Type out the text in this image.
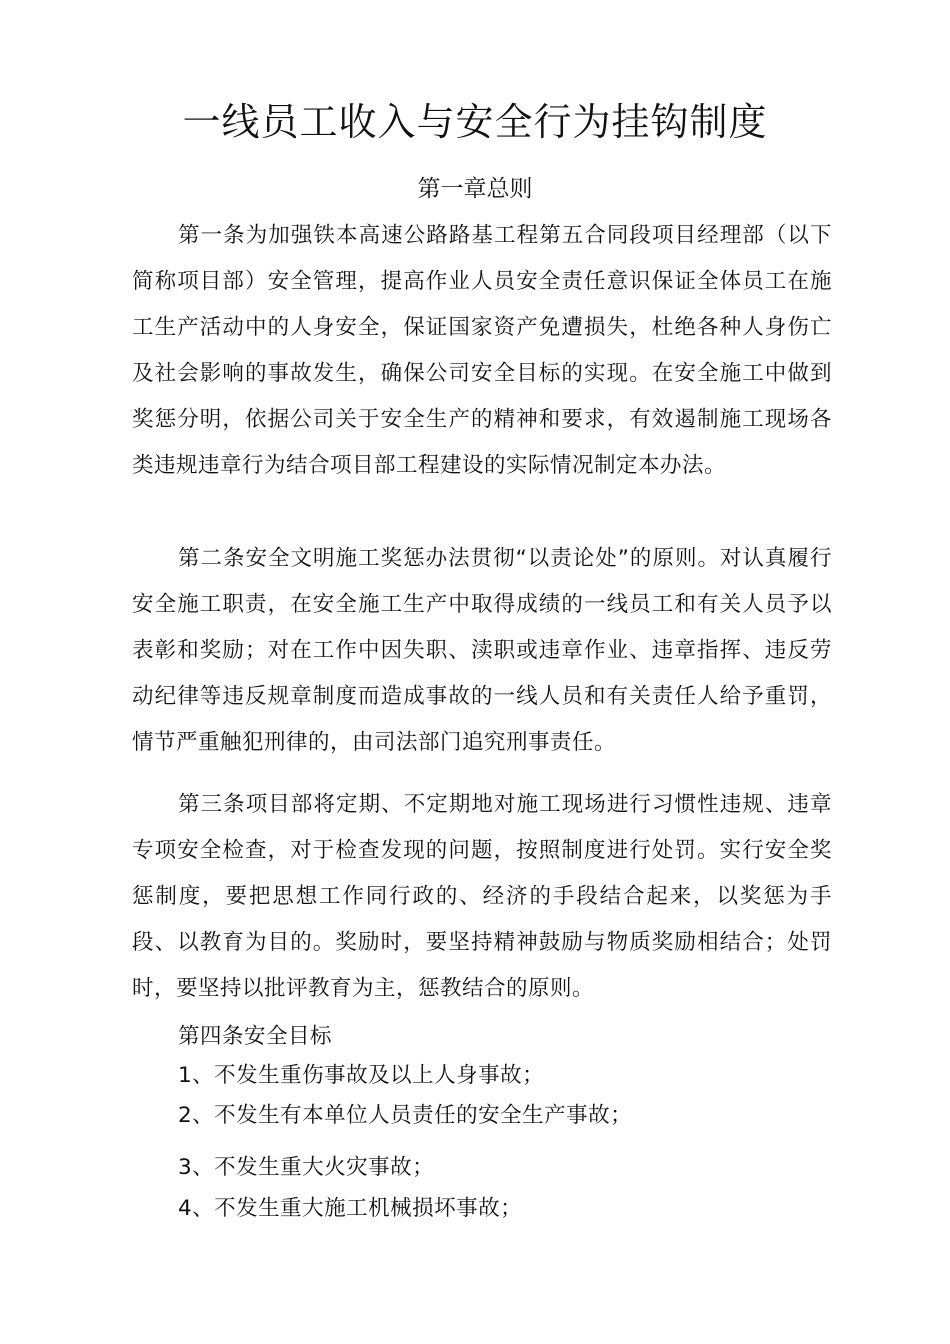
一线员工收入与安全行为挂钩制度
第一章总则

第一条为加强铁本高速公路路基工程第五合同段项目经理部（以下简称项目部）安全管理，提高作业人员安全责任意识保证全体员工在施工生产活动中的人身安全，保证国家资产免遭损失，杜绝各种人身伤亡及社会影响的事故发生，确保公司安全目标的实现。在安全施工中做到奖惩分明，依据公司关于安全生产的精神和要求，有效遏制施工现场各类违规违章行为结合项目部工程建设的实际情况制定本办法。

第二条安全文明施工奖惩办法贯彻“以责论处”的原则。对认真履行安全施工职责，在安全施工生产中取得成绩的一线员工和有关人员予以表彰和奖励；对在工作中因失职、渎职或违章作业、违章指挥、违反劳动纪律等违反规章制度而造成事故的一线人员和有关责任人给予重罚，情节严重触犯刑律的，由司法部门追究刑事责任。

第三条项目部将定期、不定期地对施工现场进行习惯性违规、违章专项安全检查，对于检查发现的问题，按照制度进行处罚。实行安全奖惩制度，要把思想工作同行政的、经济的手段结合起来，以奖惩为手段、以教育为目的。奖励时，要坚持精神鼓励与物质奖励相结合；处罚时，要坚持以批评教育为主，惩教结合的原则。

第四条安全目标

1、不发生重伤事故及以上人身事故；

2、不发生有本单位人员责任的安全生产事故；

3、不发生重大火灾事故；

4、不发生重大施工机械损坏事故；
